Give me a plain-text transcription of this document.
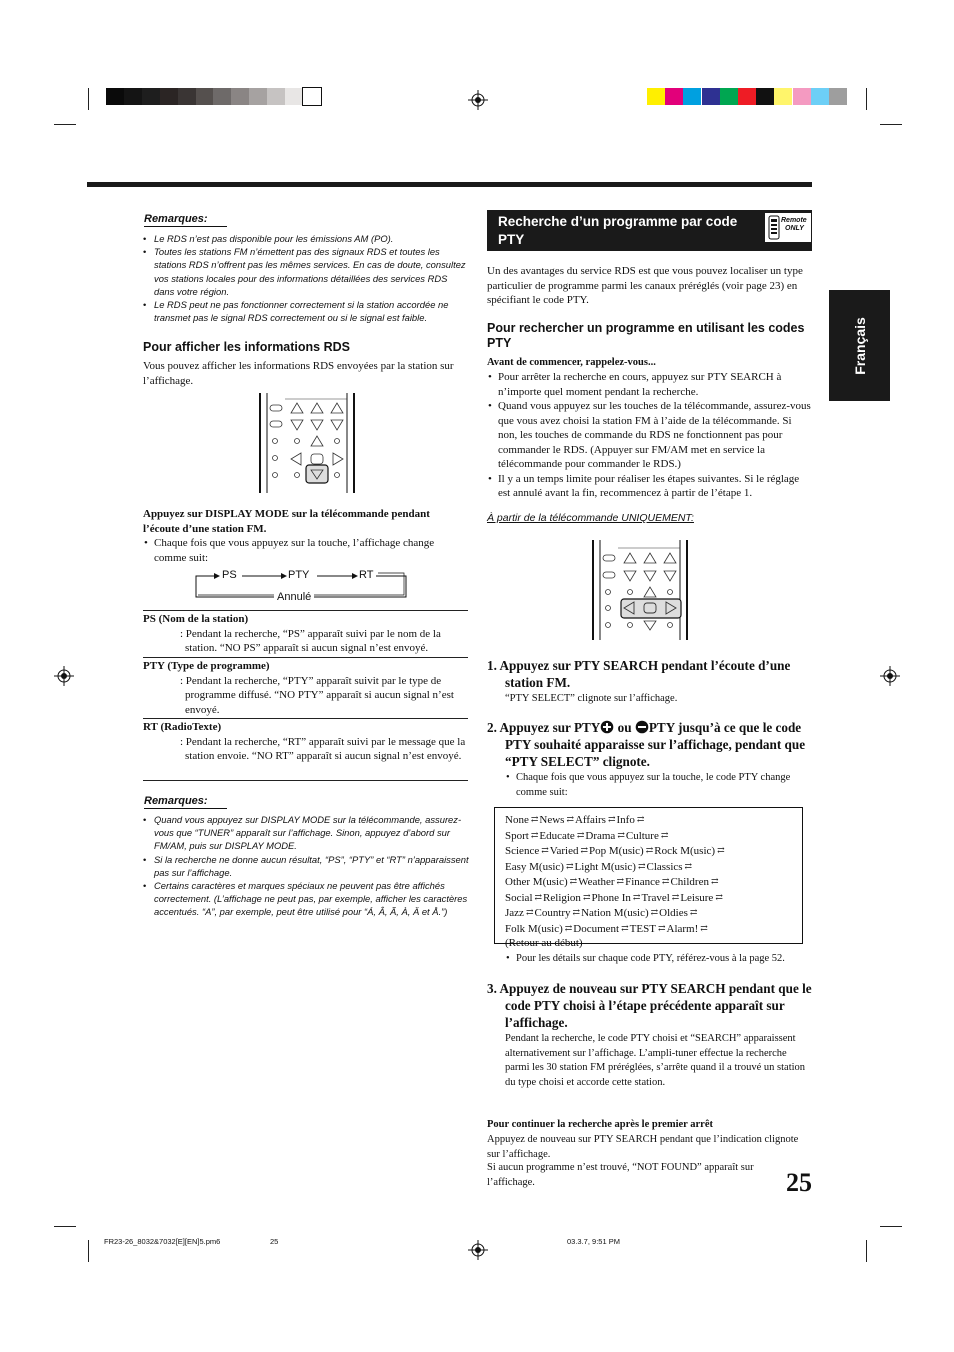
Français
Remarques:
• Le RDS n’est pas disponible pour les émissions AM (PO).
• Toutes les stations FM n’émettent pas des signaux RDS et toutes les stations RDS n’offrent pas les mêmes services. En cas de doute, consultez vos stations locales pour des informations détaillées des services RDS dans votre région.
• Le RDS peut ne pas fonctionner correctement si la station accordée ne transmet pas le signal RDS correctement ou si le signal est faible.
Pour afficher les informations RDS
Vous pouvez afficher les informations RDS envoyées par la station sur l’affichage.
Appuyez sur DISPLAY MODE sur la télécommande pendant l’écoute d’une station FM.
• Chaque fois que vous appuyez sur la touche, l’affichage change comme suit:
PS	PTY	RT
Annulé
PS (Nom de la station)
: Pendant la recherche, “PS” apparaît suivi par le nom de la station. “NO PS” apparaît si aucun signal n’est envoyé.
PTY (Type de programme)
: Pendant la recherche, “PTY” apparaît suivit par le type de programme diffusé. “NO PTY” apparaît si aucun signal n’est envoyé.
RT (RadioTexte)
: Pendant la recherche, “RT” apparaît suivi par le message que la station envoie. “NO RT” apparaît si aucun signal n’est envoyé.
Remarques:
• Quand vous appuyez sur DISPLAY MODE sur la télécommande, assurez-vous que “TUNER” apparaît sur l’affichage. Sinon, appuyez d’abord sur FM/AM, puis sur DISPLAY MODE.
• Si la recherche ne donne aucun résultat, “PS”, “PTY” et “RT” n’apparaissent pas sur l’affichage.
• Certains caractères et marques spéciaux ne peuvent pas être affichés correctement. (L’affichage ne peut pas, par exemple, afficher les caractères accentués. “A”, par exemple, peut être utilisé pour “Á, Â, Ã, À, Ä et Å.”)
Recherche d’un programme par code PTY
Remote
ONLY
Un des avantages du service RDS est que vous pouvez localiser un type particulier de programme parmi les canaux préréglés (voir page 23) en spécifiant le code PTY.
Pour rechercher un programme en utilisant les codes PTY
Avant de commencer, rappelez-vous...
• Pour arrêter la recherche en cours, appuyez sur PTY SEARCH à n’importe quel moment pendant la recherche.
• Quand vous appuyez sur les touches de la télécommande, assurez-vous que vous avez choisi la station FM à l’aide de la télécommande. Si non, les touches de commande du RDS ne fonctionnent pas pour commander le RDS. (Appuyer sur FM/AM met en service la télécommande pour commander le RDS.)
• Il y a un temps limite pour réaliser les étapes suivantes. Si le réglage est annulé avant la fin, recommencez à partir de l’étape 1.
À partir de la télécommande UNIQUEMENT:
1. Appuyez sur PTY SEARCH pendant l’écoute d’une station FM.
“PTY SELECT” clignote sur l’affichage.
2. Appuyez sur PTY ou PTY jusqu’à ce que le code PTY souhaité apparaisse sur l’affichage, pendant que “PTY SELECT” clignote.
• Chaque fois que vous appuyez sur la touche, le code PTY change comme suit:
None ⇄ News ⇄ Affairs ⇄ Info ⇄
Sport ⇄ Educate ⇄ Drama ⇄ Culture ⇄
Science ⇄ Varied ⇄ Pop M(usic) ⇄ Rock M(usic) ⇄
Easy M(usic) ⇄ Light M(usic) ⇄ Classics ⇄
Other M(usic) ⇄ Weather ⇄ Finance ⇄ Children ⇄
Social ⇄ Religion ⇄ Phone In ⇄ Travel ⇄ Leisure ⇄
Jazz ⇄ Country ⇄ Nation M(usic) ⇄ Oldies ⇄
Folk M(usic) ⇄ Document ⇄ TEST ⇄ Alarm! ⇄
(Retour au début)
• Pour les détails sur chaque code PTY, référez-vous à la page 52.
3. Appuyez de nouveau sur PTY SEARCH pendant que le code PTY choisi à l’étape précédente apparaît sur l’affichage.
Pendant la recherche, le code PTY choisi et “SEARCH” apparaissent alternativement sur l’affichage. L’ampli-tuner effectue la recherche parmi les 30 station FM préréglées, s’arrête quand il a trouvé un station du type choisi et accorde cette station.
Pour continuer la recherche après le premier arrêt
Appuyez de nouveau sur PTY SEARCH pendant que l’indication clignote sur l’affichage.
Si aucun programme n’est trouvé, “NOT FOUND” apparaît sur l’affichage.	25
FR23-26_8032&7032[E][EN]5.pm6	25	03.3.7, 9:51 PM
